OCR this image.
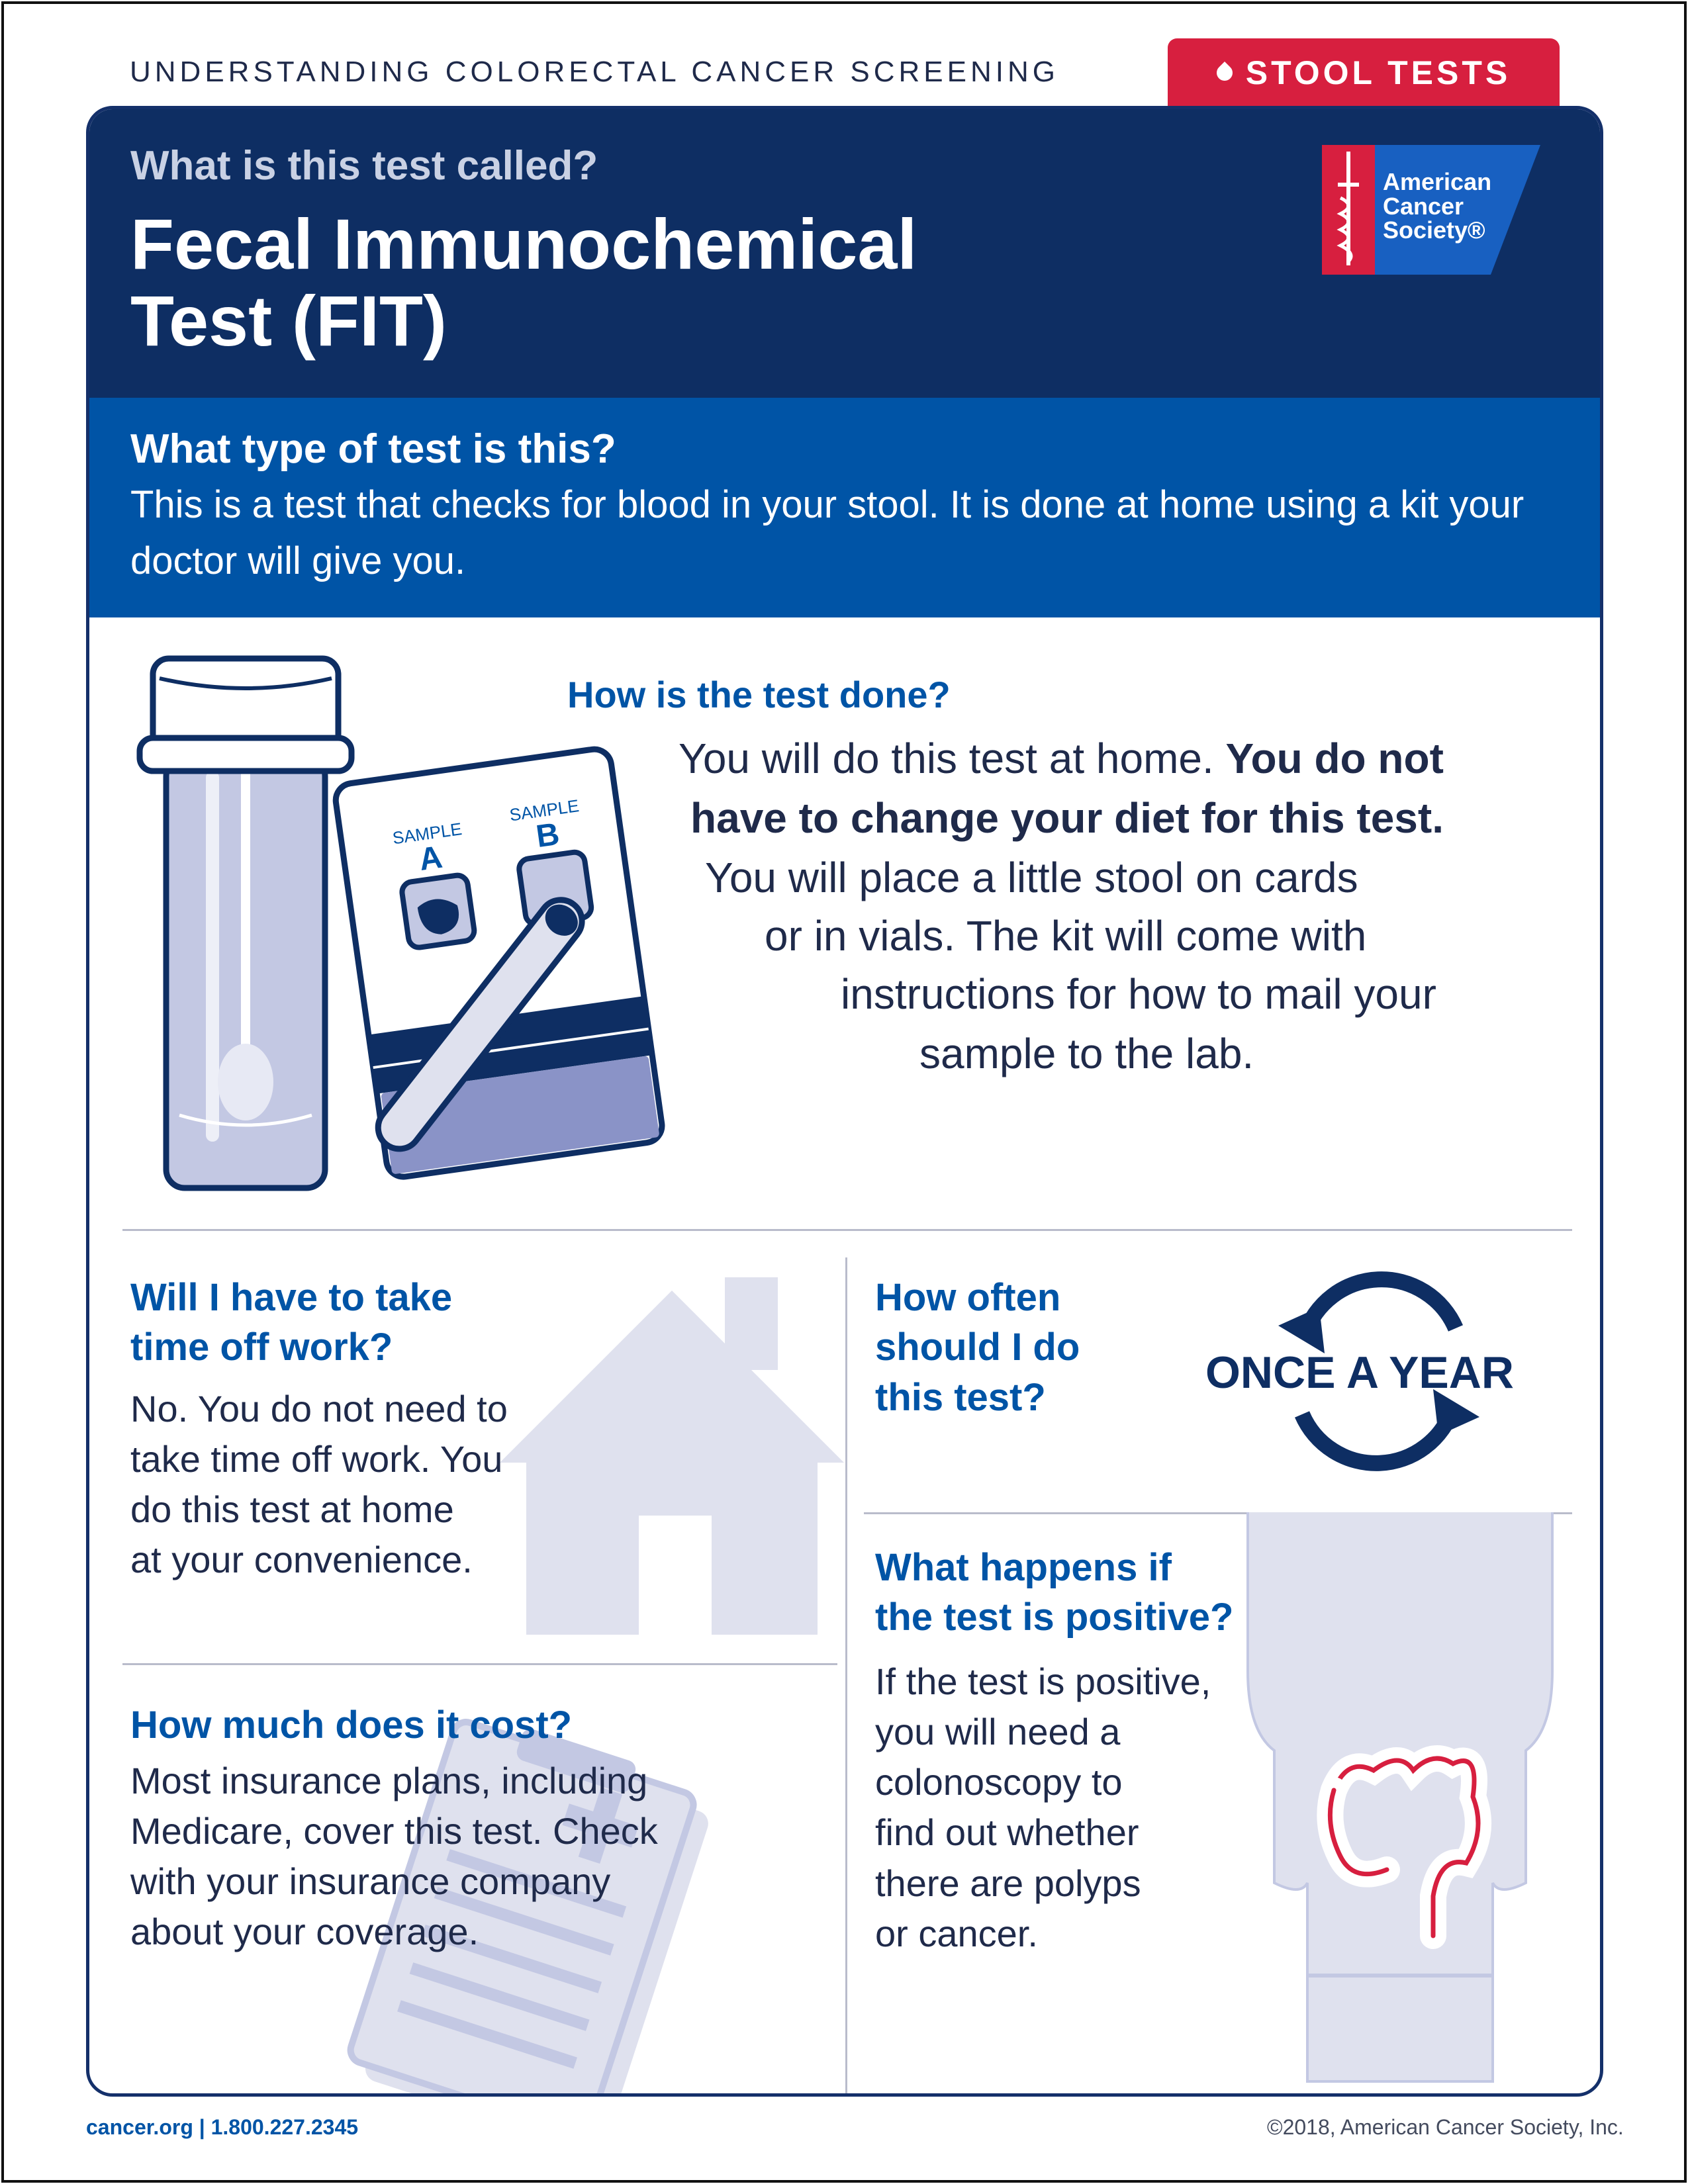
UNDERSTANDING COLORECTAL CANCER SCREENING	STOOL TESTS
What is this test called?
Fecal Immunochemical Test (FIT)
American
Cancer
Society®
What type of test is this?
This is a test that checks for blood in your stool. It is done at home using a kit your doctor will give you.
SAMPLE
A
SAMPLE
B
How is the test done?
You will do this test at home. You do not
have to change your diet for this test.
You will place a little stool on cards
or in vials. The kit will come with
instructions for how to mail your
sample to the lab.
Will I have to take
time off work?
No. You do not need to
take time off work. You
do this test at home
at your convenience.
How often
should I do
this test?	ONCE A YEAR
What happens if
the test is positive?
If the test is positive,
you will need a
colonoscopy to
find out whether
there are polyps
or cancer.
How much does it cost?
Most insurance plans, including
Medicare, cover this test. Check
with your insurance company
about your coverage.
cancer.org | 1.800.227.2345	©2018, American Cancer Society, Inc.
